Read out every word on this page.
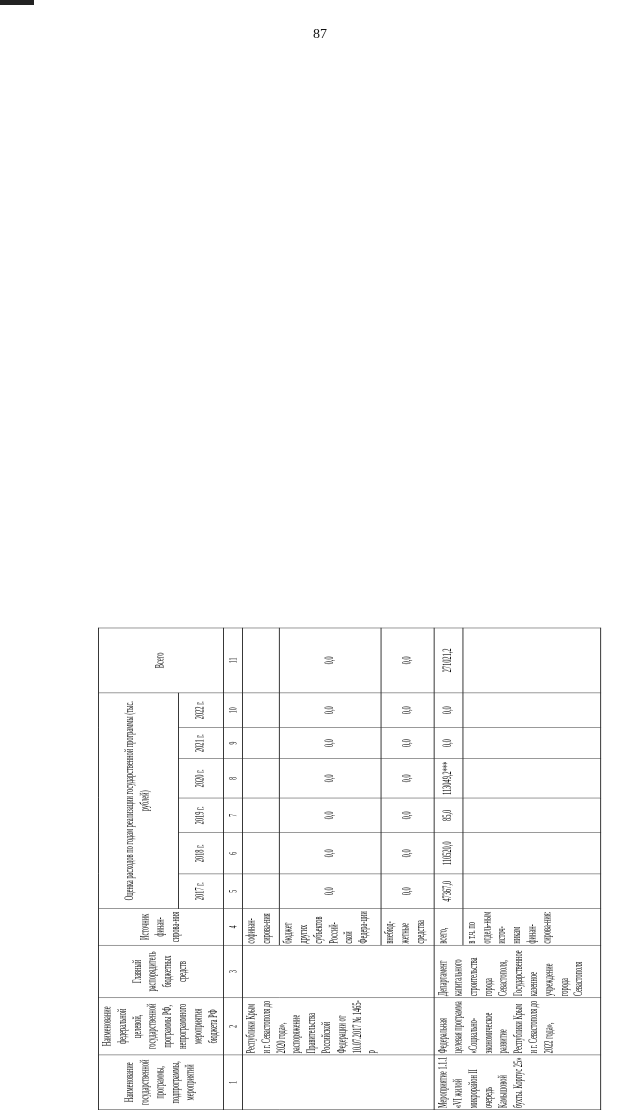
87
Наименование государственной программы, подпрограммы, мероприятий	Наименование федеральной целевой, государственной программы РФ, непрограммного мероприятия бюджета РФ	Главный распорядитель бюджетных средств	Источник финан-сирова-ния	Оценка расходов по годам реализации государственной программы (тыс. рублей)						Всего
				2017 г.	2018 г.	2019 г.	2020 г.	2021 г.	2022 г.	
1	2	3	4	5	6	7	8	9	10	11
	Республики Крым и г. Севастополя до 2020 года», распоряжение Правительства Российской Федерации от 10.07.2017 № 1465-р		софинан-сирова-ния							
			бюджет других субъектов Россий-ской Федера-ции	0,0	0,0	0,0	0,0	0,0	0,0	0,0
			внебюд-жетные средства	0,0	0,0	0,0	0,0	0,0	0,0	0,0
Мероприятие 1.1.1 «VI жилой микрорайон II очередь Камышовой бухты. Корпус 25»	Федеральная целевая программа «Социально-экономическое развитие Республики Крым и г. Севастополя до 2022 года»,	Департамент капитального строительства города Севастополя, Государственное казенное учреждение города Севастополя	всего,	47367,0	110520,0	85,0	113049,2***	0,0	0,0	271021,2
			в т.ч. по отдель-ным источ-никам финан-сирова-ния:							
